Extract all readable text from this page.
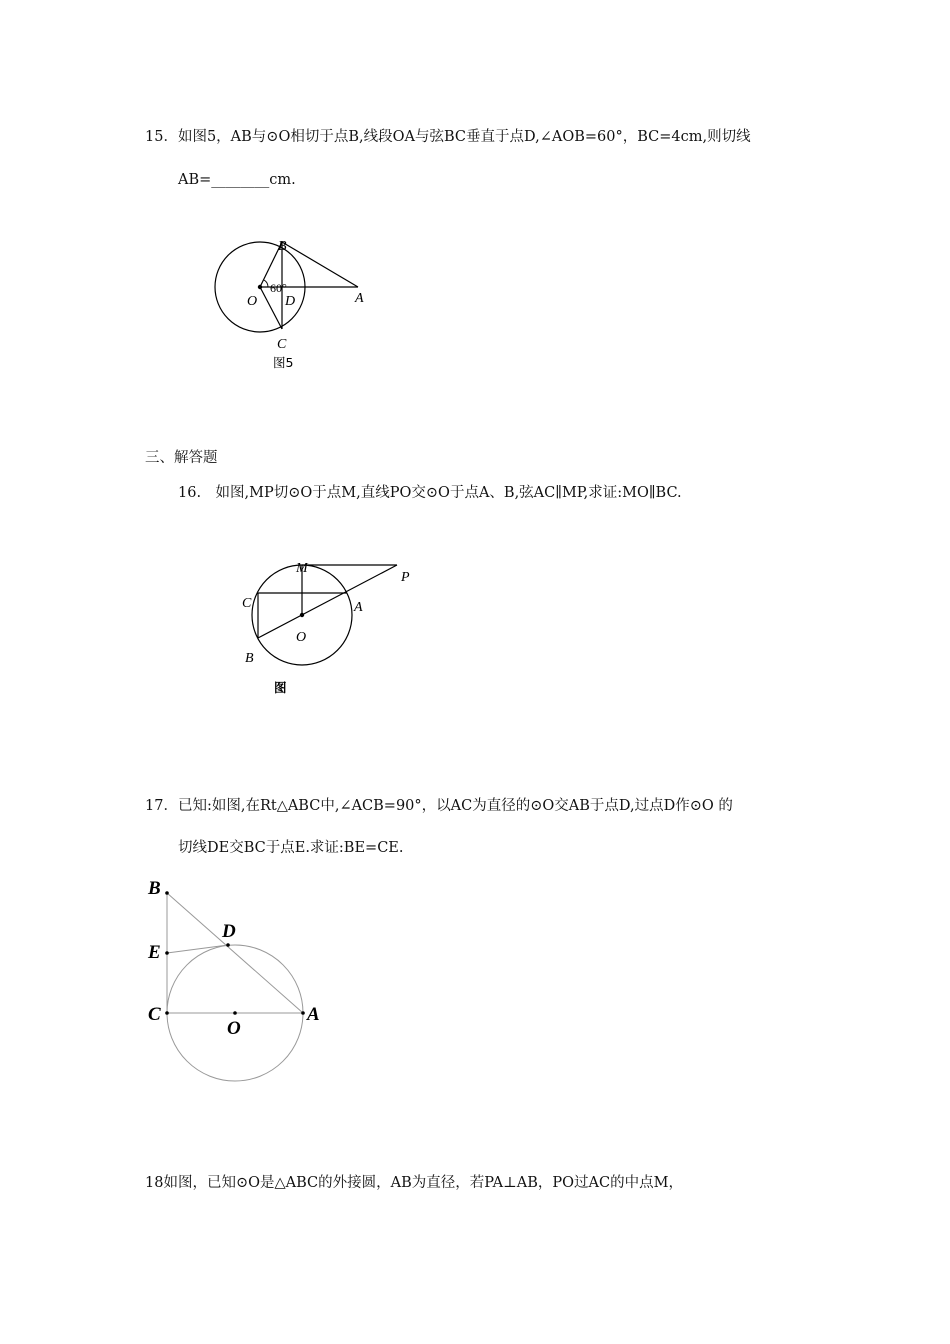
15．如图5，AB与⊙O相切于点B,线段OA与弦BC垂直于点D,∠AOB=60°，BC=4cm,则切线
AB=________cm.
B
60°
O D	A
C
图5
三、解答题
16.　如图,MP切⊙O于点M,直线PO交⊙O于点A、B,弦AC∥MP,求证:MO∥BC.
M
P
C	A
O
B
图
17．已知:如图,在Rt△ABC中,∠ACB=90°，以AC为直径的⊙O交AB于点D,过点D作⊙O 的
切线DE交BC于点E.求证:BE=CE.
B
D
E
C
O
A
18如图，已知⊙O是△ABC的外接圆，AB为直径，若PA⊥AB，PO过AC的中点M，
